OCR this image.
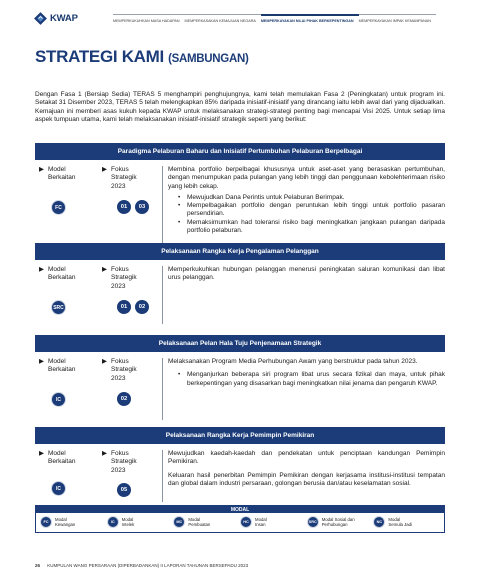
KWAP	MEMPERKUKUHKAN MASA HADAPAN	MEMPERKASAKAN KEMAJUAN NEGARA	MEMPERKAYAKAN NILAI PIHAK BERKEPENTINGAN	MEMPERKAYAKAN IMPAK KEMAMPANAN
STRATEGI KAMI (SAMBUNGAN)
Dengan Fasa 1 (Bersiap Sedia) TERAS 5 menghampiri penghujungnya, kami telah memulakan Fasa 2 (Peningkatan) untuk program ini. Setakat 31 Disember 2023, TERAS 5 telah melengkapkan 85% daripada inisiatif-inisiatif yang dirancang iaitu lebih awal dari yang dijadualkan. Kemajuan ini memberi asas kukuh kepada KWAP untuk melaksanakan strategi-strategi penting bagi mencapai Visi 2025. Untuk setiap lima aspek tumpuan utama, kami telah melaksanakan inisiatif-inisiatif strategik seperti yang berikut:
Paradigma Pelaburan Baharu dan Inisiatif Pertumbuhan Pelaburan Berpelbagai
▶ Model
Berkaitan
FC
▶ Fokus
Strategik
2023
01	03
Membina portfolio berpelbagai khususnya untuk aset-aset yang berasaskan pertumbuhan, dengan menumpukan pada pulangan yang lebih tinggi dan penggunaan kebolehterimaan risiko yang lebih cekap.
•	Mewujudkan Dana Perintis untuk Pelaburan Berimpak.
•	Mempelbagaikan portfolio dengan peruntukan lebih tinggi untuk portfolio pasaran persendirian.
•	Memaksimumkan had toleransi risiko bagi meningkatkan jangkaan pulangan daripada portfolio pelaburan.
Pelaksanaan Rangka Kerja Pengalaman Pelanggan
▶ Model
Berkaitan
SRC
▶ Fokus
Strategik
2023
01	02
Memperkukuhkan hubungan pelanggan menerusi peningkatan saluran komunikasi dan libat urus pelanggan.
Pelaksanaan Pelan Hala Tuju Penjenamaan Strategik
▶ Model
Berkaitan
IC
▶ Fokus
Strategik
2023
02
Melaksanakan Program Media Perhubungan Awam yang berstruktur pada tahun 2023.
•	Menganjurkan beberapa siri program libat urus secara fizikal dan maya, untuk pihak berkepentingan yang disasarkan bagi meningkatkan nilai jenama dan pengaruh KWAP.
Pelaksanaan Rangka Kerja Pemimpin Pemikiran
▶ Model
Berkaitan
IC
▶ Fokus
Strategik
2023
05
Mewujudkan kaedah-kaedah dan pendekatan untuk penciptaan kandungan Pemimpin Pemikiran.
Keluaran hasil penerbitan Pemimpin Pemikiran dengan kerjasama institusi-institusi tempatan dan global dalam industri persaraan, golongan berusia dan/atau keselamatan sosial.
MODAL
FC	Modal
Kewangan	IC	Modal
Intelek	MC	Modal
Pembuatan	HC	Modal
Insan	SRC	Modal Sosial dan
Perhubungan	NC	Modal
Semula Jadi
26 KUMPULAN WANG PERSARAAN (DIPERBADANKAN) II LAPORAN TAHUNAN BERSEPADU 2023
